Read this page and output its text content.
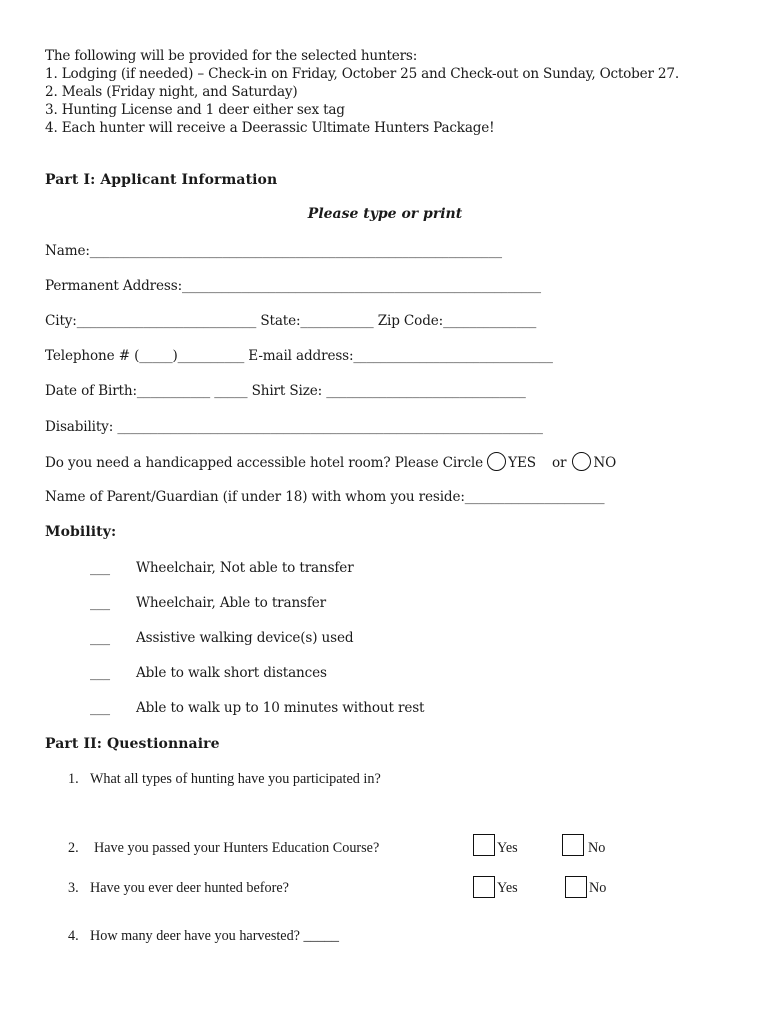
The following will be provided for the selected hunters:
1. Lodging (if needed) – Check-in on Friday, October 25 and Check-out on Sunday, October 27.
2. Meals (Friday night, and Saturday)
3. Hunting License and 1 deer either sex tag
4. Each hunter will receive a Deerassic Ultimate Hunters Package!
Part I: Applicant Information
Please type or print
Name:______________________________________________________________
Permanent Address:______________________________________________________
City:___________________________ State:___________ Zip Code:______________
Telephone # (_____)__________ E-mail address:______________________________
Date of Birth:___________ _____ Shirt Size: ______________________________
Disability: ________________________________________________________________
Do you need a handicapped accessible hotel room? Please Circle YES or NO
Name of Parent/Guardian (if under 18) with whom you reside:_____________________
Mobility:
___ Wheelchair, Not able to transfer
___ Wheelchair, Able to transfer
___ Assistive walking device(s) used
___ Able to walk short distances
___ Able to walk up to 10 minutes without rest
Part II: Questionnaire
1. What all types of hunting have you participated in?
2. Have you passed your Hunters Education Course?	Yes	No
3. Have you ever deer hunted before?	Yes	No
4. How many deer have you harvested? _____
